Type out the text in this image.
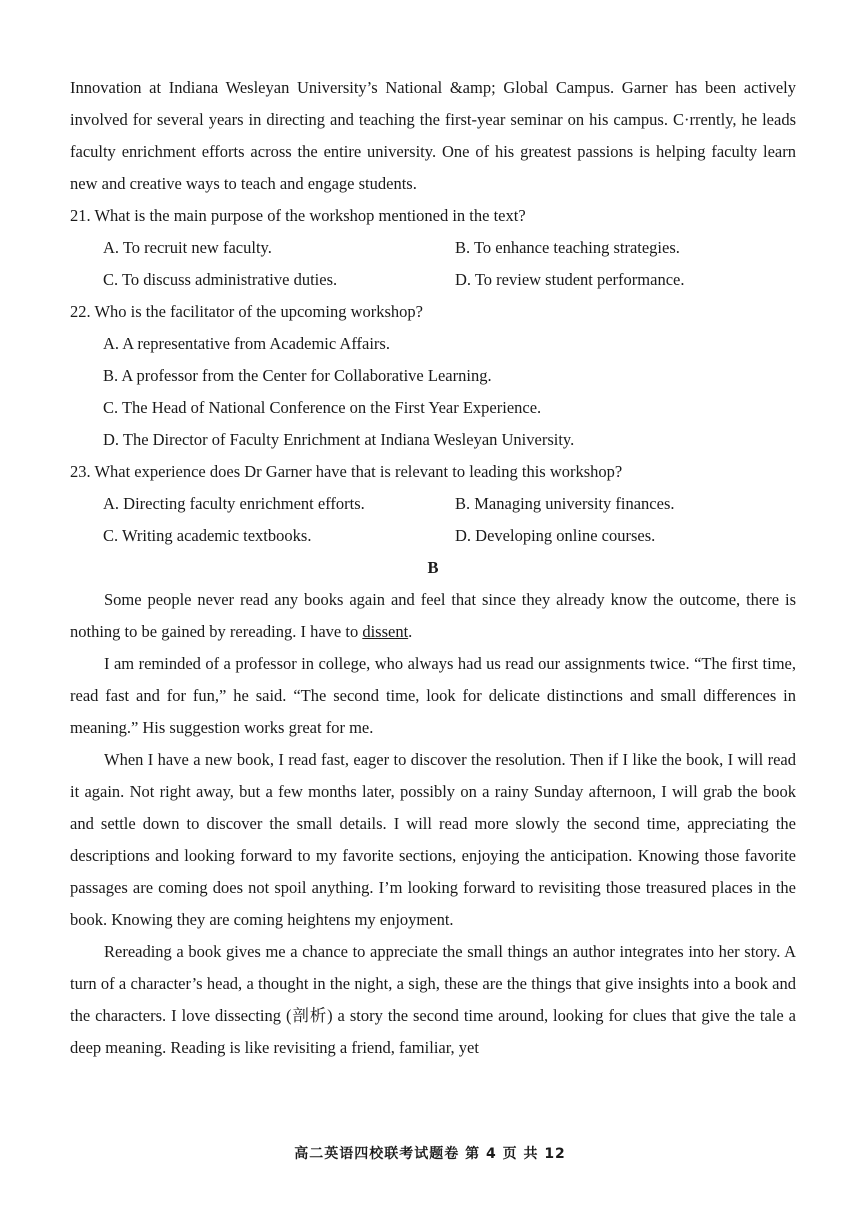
Innovation at Indiana Wesleyan University’s National &amp; Global Campus. Garner has been actively involved for several years in directing and teaching the first-year seminar on his campus. C·rrently, he leads faculty enrichment efforts across the entire university. One of his greatest passions is helping faculty learn new and creative ways to teach and engage students.

21. What is the main purpose of the workshop mentioned in the text?

A. To recruit new faculty.	B. To enhance teaching strategies.
C. To discuss administrative duties.	D. To review student performance.

22. Who is the facilitator of the upcoming workshop?

A. A representative from Academic Affairs.
B. A professor from the Center for Collaborative Learning.
C. The Head of National Conference on the First Year Experience.
D. The Director of Faculty Enrichment at Indiana Wesleyan University.

23. What experience does Dr Garner have that is relevant to leading this workshop?

A. Directing faculty enrichment efforts.	B. Managing university finances.
C. Writing academic textbooks.	D. Developing online courses.

B

Some people never read any books again and feel that since they already know the outcome, there is nothing to be gained by rereading. I have to dissent.

I am reminded of a professor in college, who always had us read our assignments twice. “The first time, read fast and for fun,” he said. “The second time, look for delicate distinctions and small differences in meaning.” His suggestion works great for me.

When I have a new book, I read fast, eager to discover the resolution. Then if I like the book, I will read it again. Not right away, but a few months later, possibly on a rainy Sunday afternoon, I will grab the book and settle down to discover the small details. I will read more slowly the second time, appreciating the descriptions and looking forward to my favorite sections, enjoying the anticipation. Knowing those favorite passages are coming does not spoil anything. I’m looking forward to revisiting those treasured places in the book. Knowing they are coming heightens my enjoyment.

Rereading a book gives me a chance to appreciate the small things an author integrates into her story. A turn of a character’s head, a thought in the night, a sigh, these are the things that give insights into a book and the characters. I love dissecting (剖析) a story the second time around, looking for clues that give the tale a deep meaning. Reading is like revisiting a friend, familiar, yet

高二英语四校联考试题卷 第 4 页 共 12
